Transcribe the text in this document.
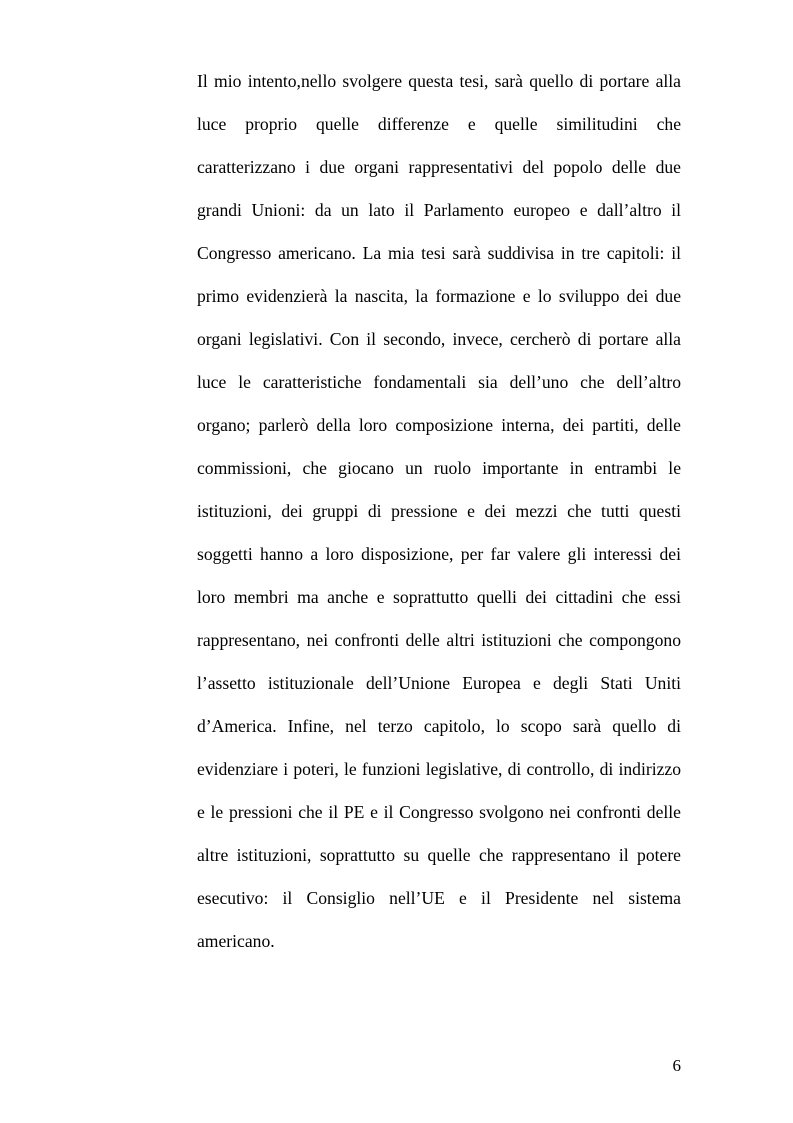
Il mio intento,nello svolgere questa tesi, sarà quello di portare alla luce proprio quelle differenze e quelle similitudini che caratterizzano i due organi rappresentativi del popolo delle due grandi Unioni: da un lato il Parlamento europeo e dall’altro il Congresso americano. La mia tesi sarà suddivisa in tre capitoli: il primo evidenzierà la nascita, la formazione e lo sviluppo dei due organi legislativi. Con il secondo, invece, cercherò di portare alla luce le caratteristiche fondamentali sia dell’uno che dell’altro organo; parlerò della loro composizione interna, dei partiti, delle commissioni, che giocano un ruolo importante in entrambi le istituzioni, dei gruppi di pressione e dei mezzi che tutti questi soggetti hanno a loro disposizione, per far valere gli interessi dei loro membri ma anche e soprattutto quelli dei cittadini che essi rappresentano, nei confronti delle altri istituzioni che compongono l’assetto istituzionale dell’Unione Europea e degli Stati Uniti d’America. Infine, nel terzo capitolo, lo scopo sarà quello di evidenziare i poteri, le funzioni legislative, di controllo, di indirizzo e le pressioni che il PE e il Congresso svolgono nei confronti delle altre istituzioni, soprattutto su quelle che rappresentano il potere esecutivo: il Consiglio nell’UE e il Presidente nel sistema americano.

6
